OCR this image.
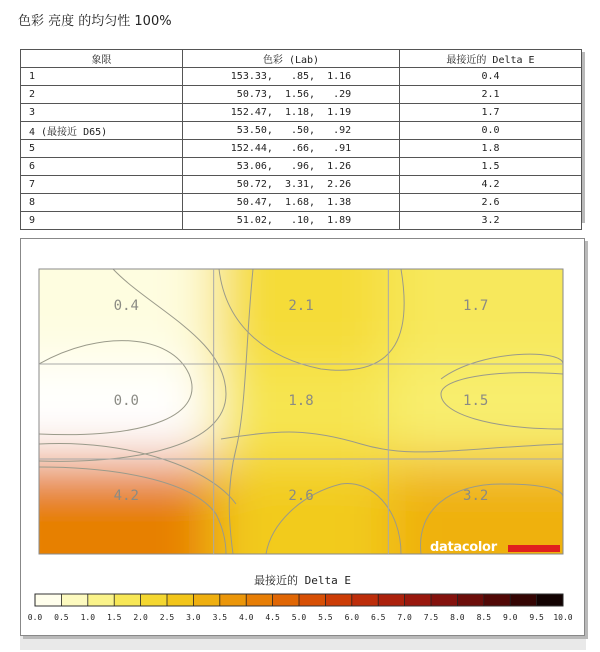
色彩 亮度 的均匀性 100%
象限	色彩 (Lab)	最接近的 Delta E
1	153.33,   .85,  1.16	0.4
2	50.73,  1.56,   .29	2.1
3	152.47,  1.18,  1.19	1.7
4 (最接近 D65)	53.50,   .50,   .92	0.0
5	152.44,   .66,   .91	1.8
6	53.06,   .96,  1.26	1.5
7	50.72,  3.31,  2.26	4.2
8	50.47,  1.68,  1.38	2.6
9	51.02,   .10,  1.89	3.2
0.4	2.1	1.7
0.0	1.8	1.5
4.2	2.6	3.2
0.0 0.5 1.0 1.5 2.0 2.5 3.0 3.5 4.0 4.5 5.0 5.5 6.0 6.5 7.0 7.5 8.0 8.5 9.0 9.5 10.0
datacolor
最接近的 Delta E
